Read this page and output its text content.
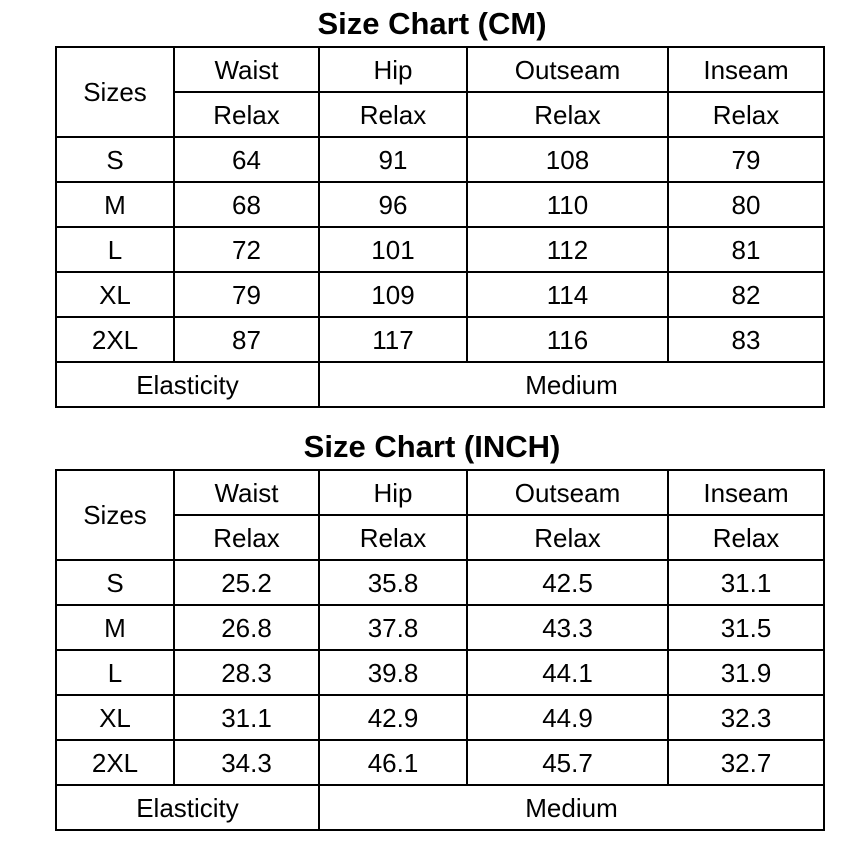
Size Chart (CM)
Sizes	Waist	Hip	Outseam	Inseam
	Relax	Relax	Relax	Relax
S	64	91	108	79
M	68	96	110	80
L	72	101	112	81
XL	79	109	114	82
2XL	87	117	116	83
Elasticity		Medium		
Size Chart (INCH)
Sizes	Waist	Hip	Outseam	Inseam
	Relax	Relax	Relax	Relax
S	25.2	35.8	42.5	31.1
M	26.8	37.8	43.3	31.5
L	28.3	39.8	44.1	31.9
XL	31.1	42.9	44.9	32.3
2XL	34.3	46.1	45.7	32.7
Elasticity		Medium		
